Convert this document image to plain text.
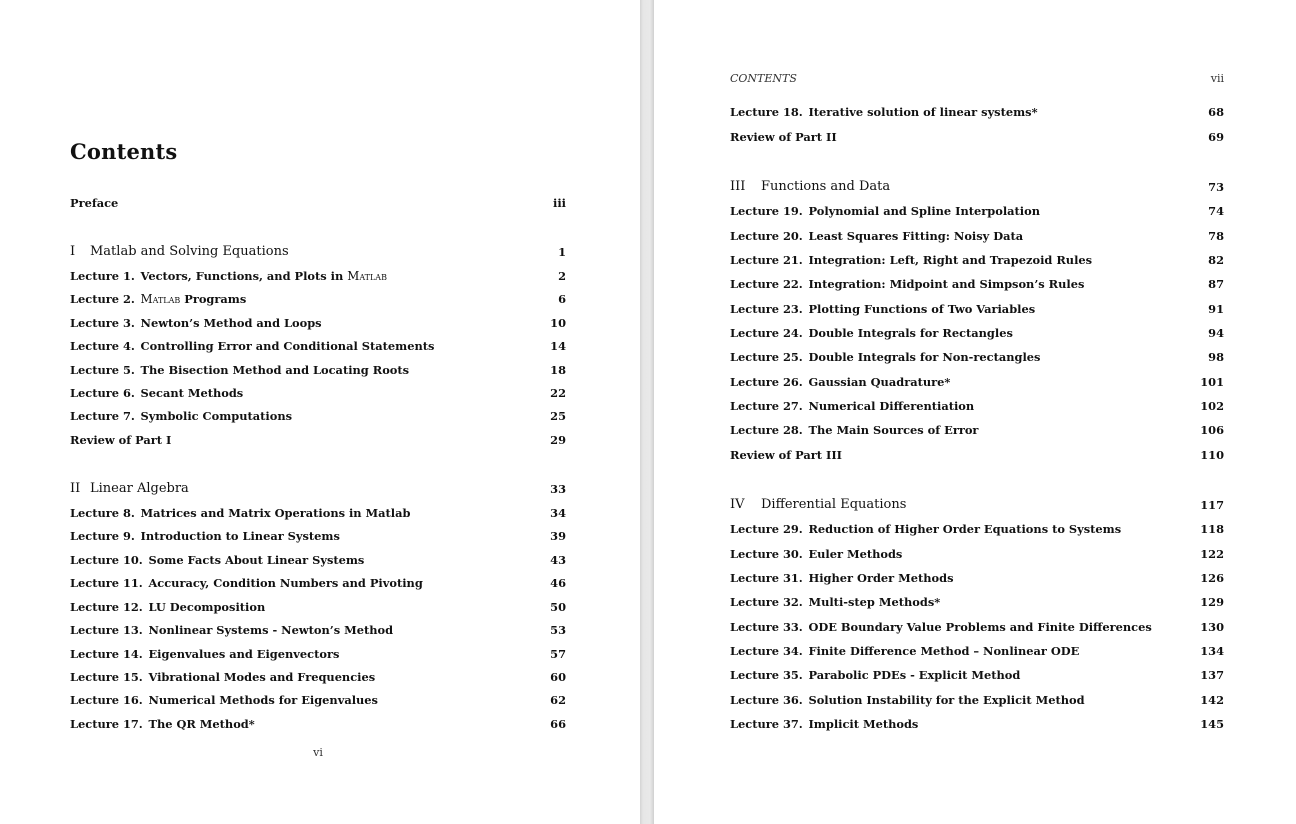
Contents
Preface	iii
I Matlab and Solving Equations	1
Lecture 1.  Vectors, Functions, and Plots in Matlab	2
Lecture 2.  Matlab Programs	6
Lecture 3.  Newton’s Method and Loops	10
Lecture 4.  Controlling Error and Conditional Statements	14
Lecture 5.  The Bisection Method and Locating Roots	18
Lecture 6.  Secant Methods	22
Lecture 7.  Symbolic Computations	25
Review of Part I	29
II Linear Algebra	33
Lecture 8.  Matrices and Matrix Operations in Matlab	34
Lecture 9.  Introduction to Linear Systems	39
Lecture 10.  Some Facts About Linear Systems	43
Lecture 11.  Accuracy, Condition Numbers and Pivoting	46
Lecture 12.  LU Decomposition	50
Lecture 13.  Nonlinear Systems - Newton’s Method	53
Lecture 14.  Eigenvalues and Eigenvectors	57
Lecture 15.  Vibrational Modes and Frequencies	60
Lecture 16.  Numerical Methods for Eigenvalues	62
Lecture 17.  The QR Method*	66
vi
CONTENTS	vii
Lecture 18.  Iterative solution of linear systems*	68
Review of Part II	69
III Functions and Data	73
Lecture 19.  Polynomial and Spline Interpolation	74
Lecture 20.  Least Squares Fitting: Noisy Data	78
Lecture 21.  Integration: Left, Right and Trapezoid Rules	82
Lecture 22.  Integration: Midpoint and Simpson’s Rules	87
Lecture 23.  Plotting Functions of Two Variables	91
Lecture 24.  Double Integrals for Rectangles	94
Lecture 25.  Double Integrals for Non-rectangles	98
Lecture 26.  Gaussian Quadrature*	101
Lecture 27.  Numerical Differentiation	102
Lecture 28.  The Main Sources of Error	106
Review of Part III	110
IV Differential Equations	117
Lecture 29.  Reduction of Higher Order Equations to Systems	118
Lecture 30.  Euler Methods	122
Lecture 31.  Higher Order Methods	126
Lecture 32.  Multi-step Methods*	129
Lecture 33.  ODE Boundary Value Problems and Finite Differences	130
Lecture 34.  Finite Difference Method – Nonlinear ODE	134
Lecture 35.  Parabolic PDEs - Explicit Method	137
Lecture 36.  Solution Instability for the Explicit Method	142
Lecture 37.  Implicit Methods	145
